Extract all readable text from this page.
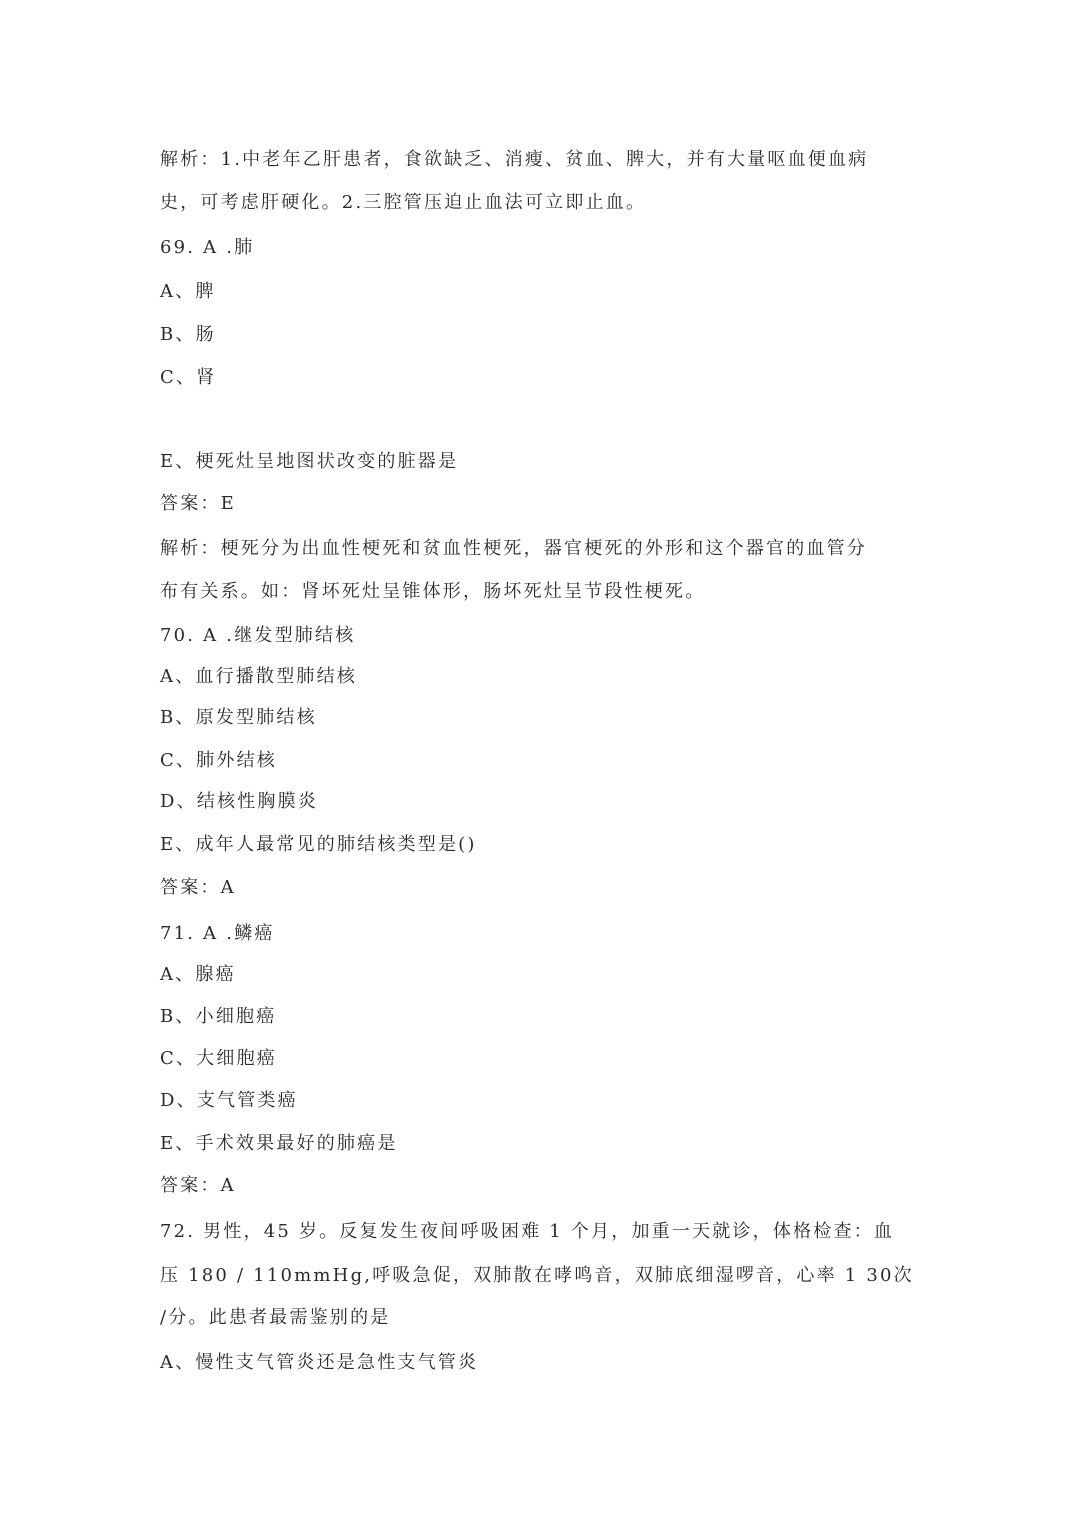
解析：1.中老年乙肝患者，食欲缺乏、消瘦、贫血、脾大，并有大量呕血便血病
史，可考虑肝硬化。2.三腔管压迫止血法可立即止血。
69. A .肺
A、脾
B、肠
C、肾
E、梗死灶呈地图状改变的脏器是
答案：E
解析：梗死分为出血性梗死和贫血性梗死，器官梗死的外形和这个器官的血管分
布有关系。如：肾坏死灶呈锥体形，肠坏死灶呈节段性梗死。
70. A .继发型肺结核
A、血行播散型肺结核
B、原发型肺结核
C、肺外结核
D、结核性胸膜炎
E、成年人最常见的肺结核类型是()
答案：A
71. A .鳞癌
A、腺癌
B、小细胞癌
C、大细胞癌
D、支气管类癌
E、手术效果最好的肺癌是
答案：A
72. 男性，45 岁。反复发生夜间呼吸困难 1 个月，加重一天就诊，体格检查：血
压 180 / 110mmHg,呼吸急促，双肺散在哮鸣音，双肺底细湿啰音，心率 1 30次
/分。此患者最需鉴别的是
A、慢性支气管炎还是急性支气管炎
